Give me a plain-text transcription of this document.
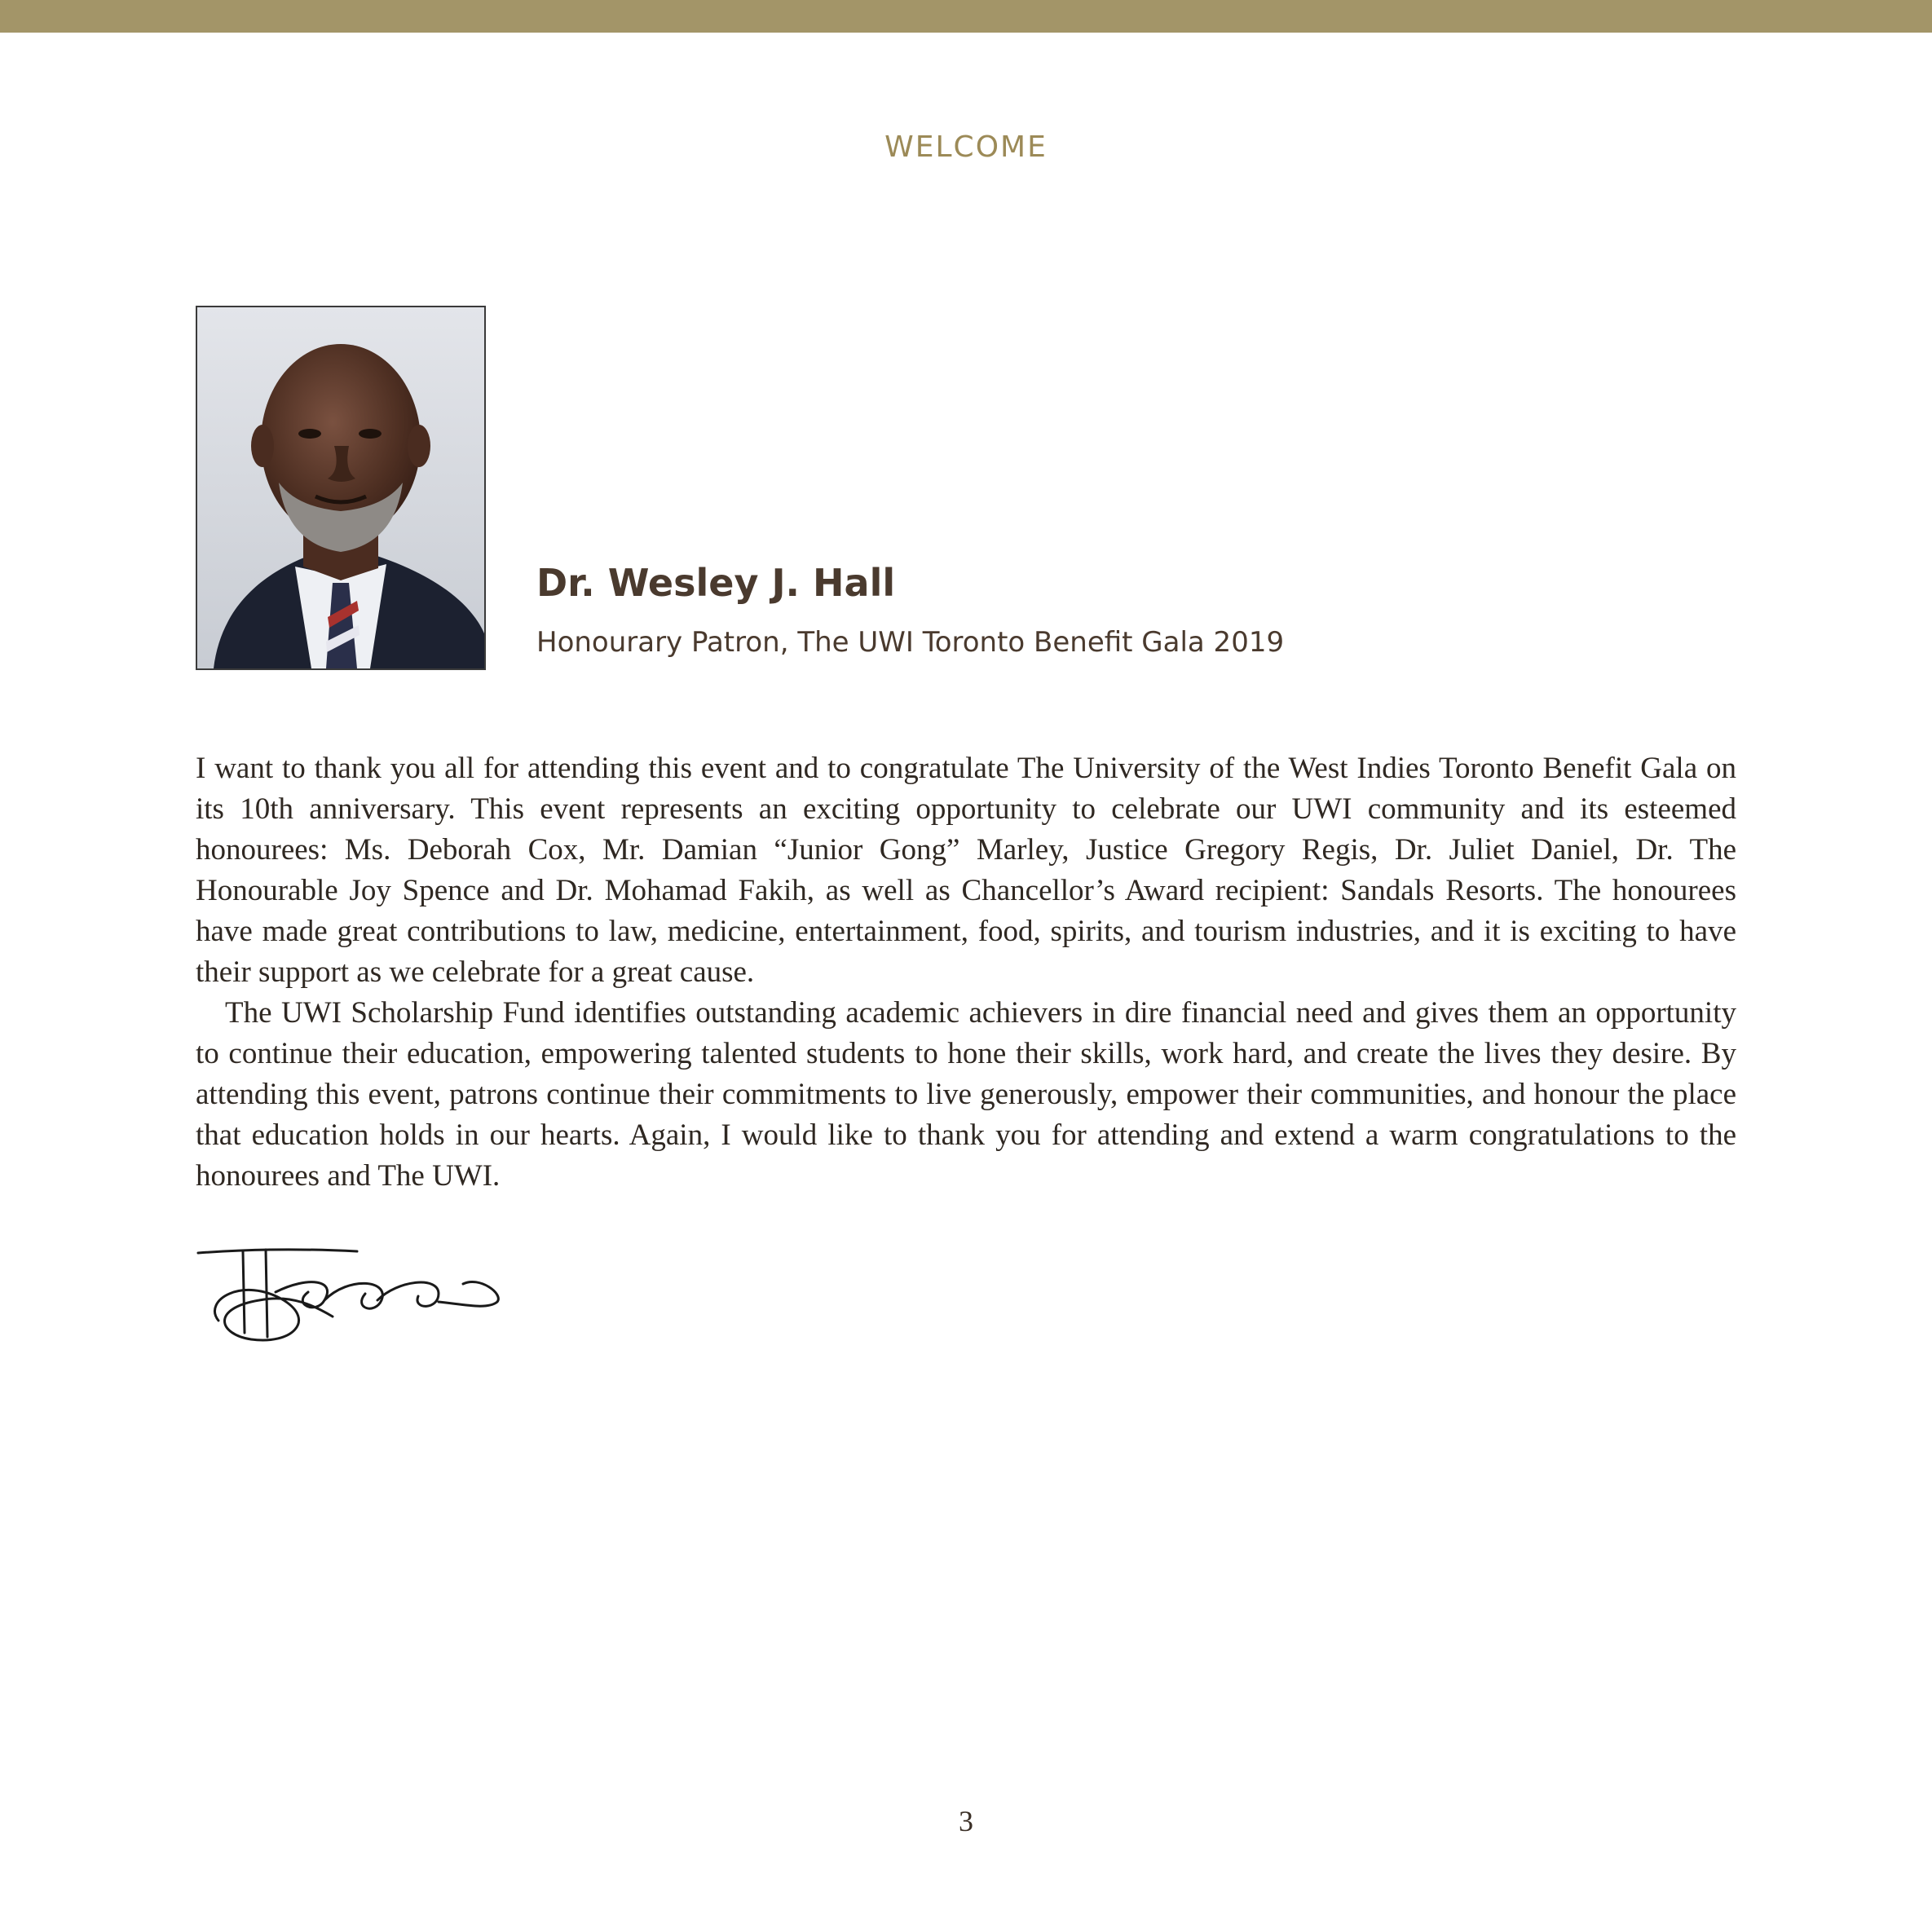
WELCOME
Dr. Wesley J. Hall
Honourary Patron, The UWI Toronto Benefit Gala 2019

I want to thank you all for attending this event and to congratulate The University of the West Indies Toronto Benefit Gala on its 10th anniversary. This event represents an exciting opportunity to celebrate our UWI community and its esteemed honourees: Ms. Deborah Cox, Mr. Damian “Junior Gong” Marley, Justice Gregory Regis, Dr. Juliet Daniel, Dr. The Honourable Joy Spence and Dr. Mohamad Fakih, as well as Chancellor’s Award recipient: Sandals Resorts. The honourees have made great contributions to law, medicine, entertainment, food, spirits, and tourism industries, and it is exciting to have their support as we celebrate for a great cause.

The UWI Scholarship Fund identifies outstanding academic achievers in dire financial need and gives them an opportunity to continue their education, empowering talented students to hone their skills, work hard, and create the lives they desire. By attending this event, patrons continue their commitments to live generously, empower their communities, and honour the place that education holds in our hearts. Again, I would like to thank you for attending and extend a warm congratulations to the honourees and The UWI.

3
